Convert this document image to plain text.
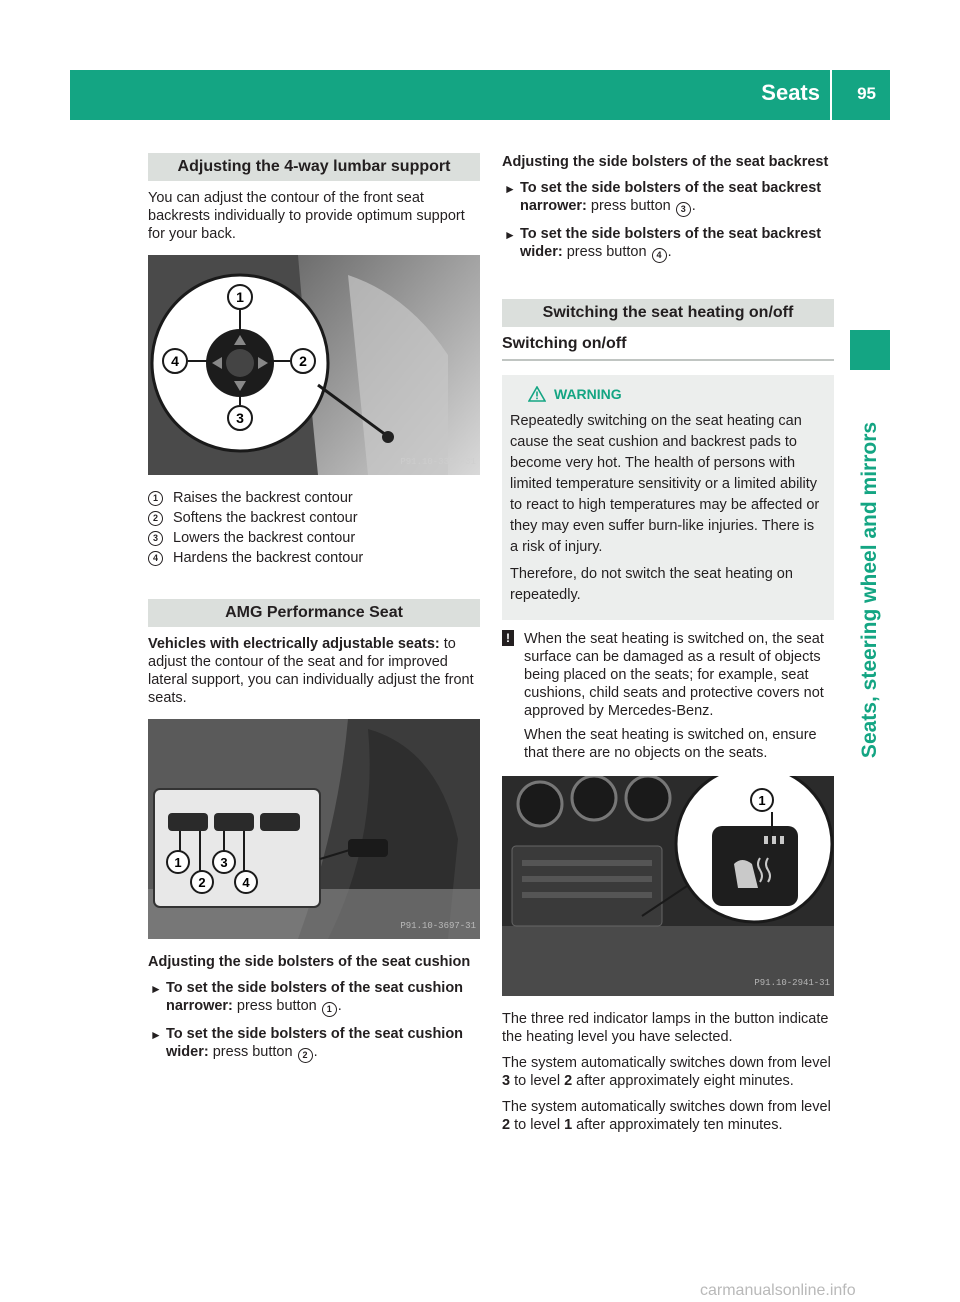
Seats 95
Seats, steering wheel and mirrors
Adjusting the 4-way lumbar support

You can adjust the contour of the front seat backrests individually to provide optimum support for your back.

1
2
3
4
P91.10-3350-31
1	Raises the backrest contour
2	Softens the backrest contour
3	Lowers the backrest contour
4	Hardens the backrest contour
AMG Performance Seat

Vehicles with electrically adjustable seats: to adjust the contour of the seat and for improved lateral support, you can individually adjust the front seats.

1
2
3
4
P91.10-3697-31

Adjusting the side bolsters of the seat cushion

► To set the side bolsters of the seat cushion narrower: press button 1 .
► To set the side bolsters of the seat cushion wider: press button 2 .

Adjusting the side bolsters of the seat backrest

► To set the side bolsters of the seat backrest narrower: press button 3 .
► To set the side bolsters of the seat backrest wider: press button 4 .
Switching the seat heating on/off
Switching on/off
WARNING

Repeatedly switching on the seat heating can cause the seat cushion and backrest pads to become very hot. The health of persons with limited temperature sensitivity or a limited ability to react to high temperatures may be affected or they may even suffer burn-like injuries. There is a risk of injury.

Therefore, do not switch the seat heating on repeatedly.

! When the seat heating is switched on, the seat surface can be damaged as a result of objects being placed on the seats; for example, seat cushions, child seats and protective covers not approved by Mercedes-Benz.

When the seat heating is switched on, ensure that there are no objects on the seats.

1
P91.10-2941-31

The three red indicator lamps in the button indicate the heating level you have selected.

The system automatically switches down from level 3 to level 2 after approximately eight minutes.

The system automatically switches down from level 2 to level 1 after approximately ten minutes.

carmanualsonline.info
